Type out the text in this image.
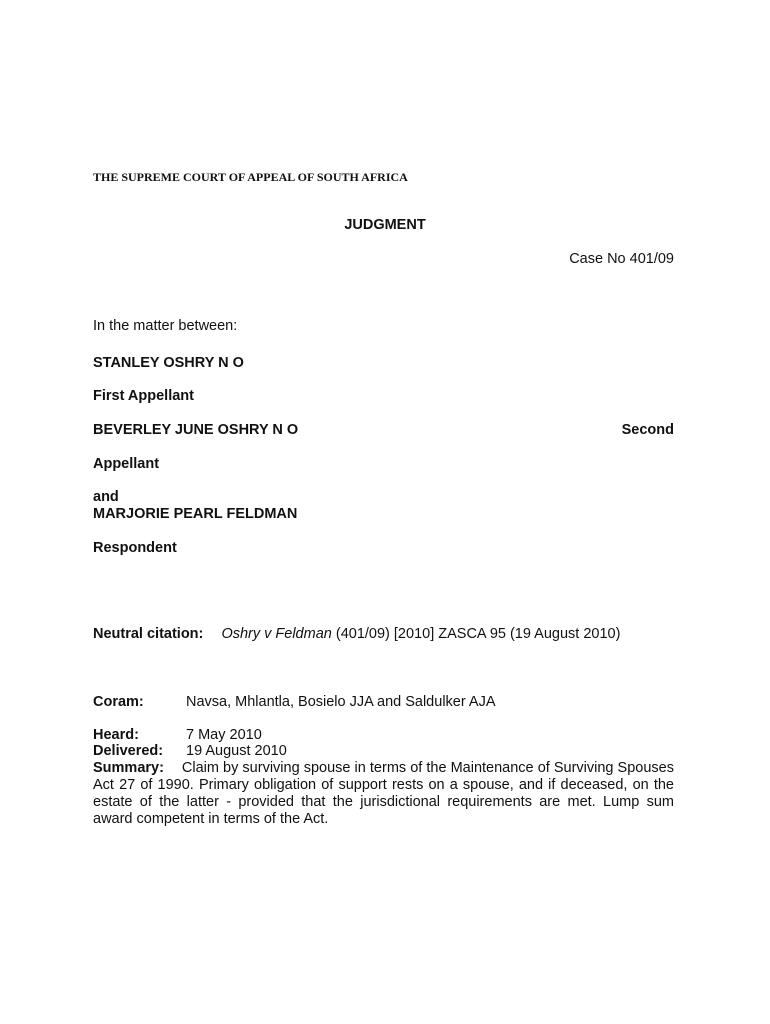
THE SUPREME COURT OF APPEAL OF SOUTH AFRICA
JUDGMENT
Case No 401/09
In the matter between:
STANLEY OSHRY N O
First Appellant
BEVERLEY JUNE OSHRY N O	Second
Appellant
and
MARJORIE PEARL FELDMAN
Respondent
Neutral citation: Oshry v Feldman (401/09) [2010] ZASCA 95 (19 August 2010)
Coram:	Navsa, Mhlantla, Bosielo JJA and Saldulker AJA
Heard:	7 May 2010
Delivered: 19 August 2010
Summary: Claim by surviving spouse in terms of the Maintenance of Surviving Spouses Act 27 of 1990. Primary obligation of support rests on a spouse, and if deceased, on the estate of the latter - provided that the jurisdictional requirements are met. Lump sum award competent in terms of the Act.
